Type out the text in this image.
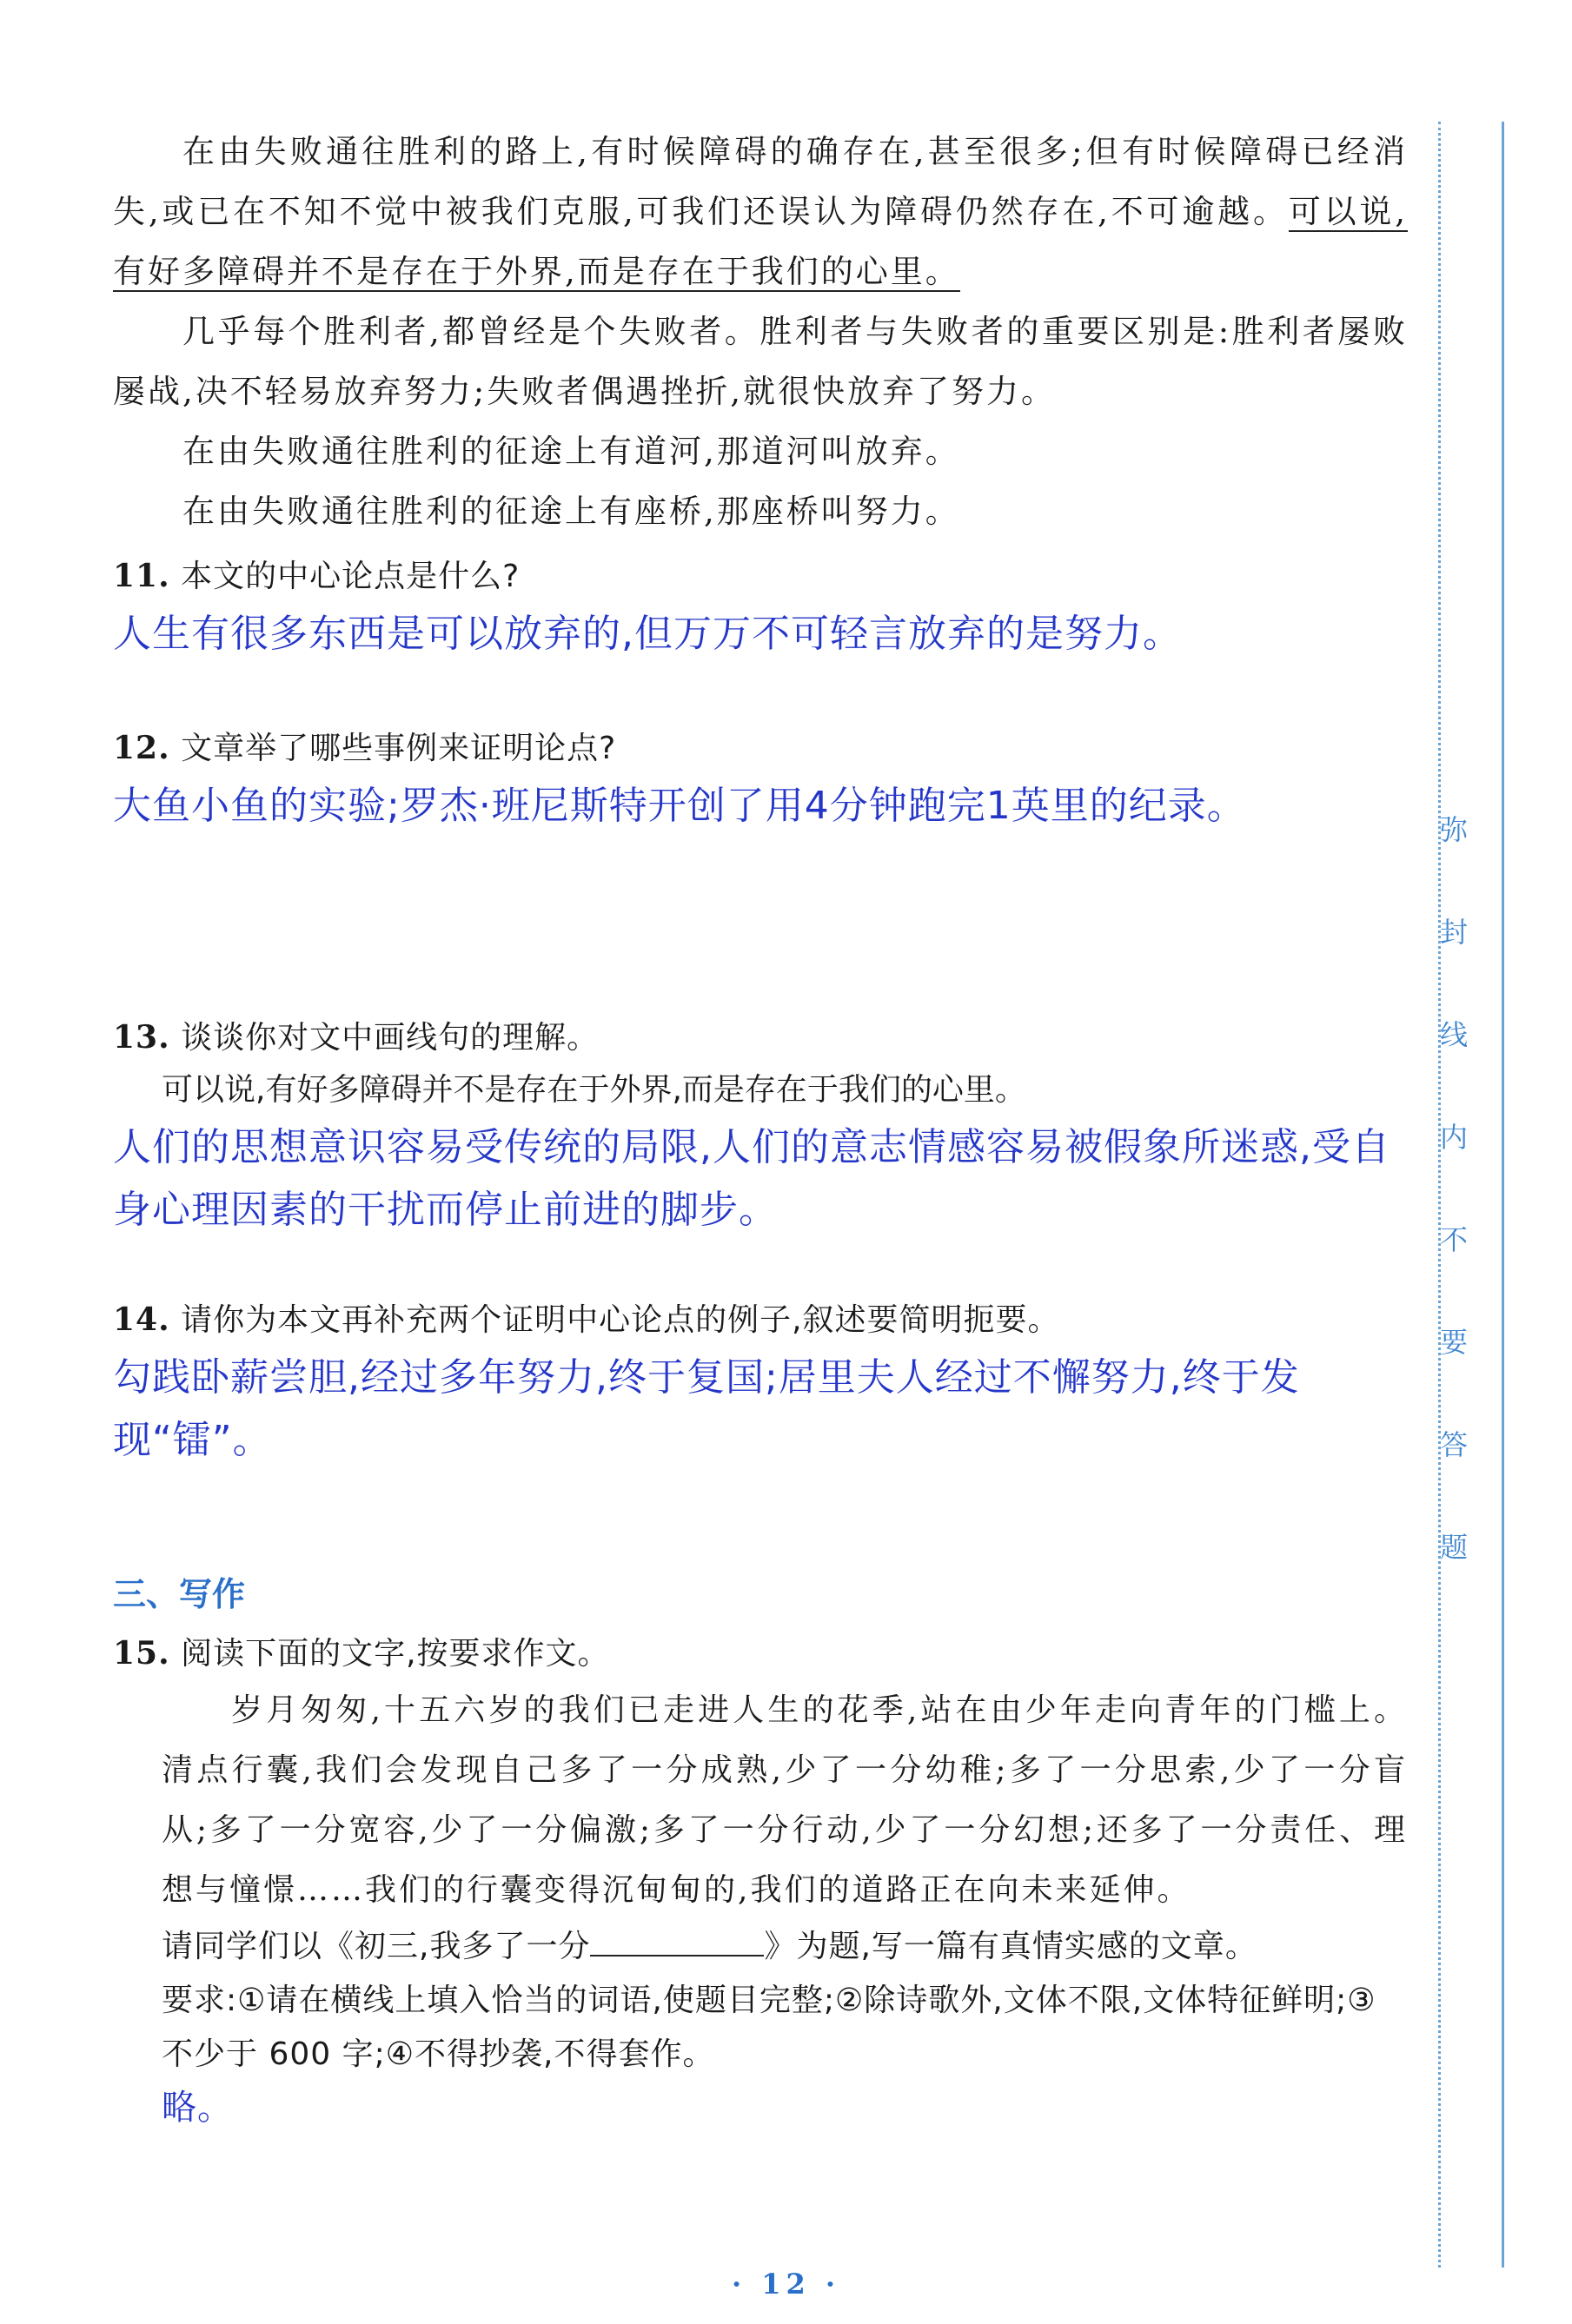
在由失败通往胜利的路上,有时候障碍的确存在,甚至很多;但有时候障碍已经消失,或已在不知不觉中被我们克服,可我们还误认为障碍仍然存在,不可逾越。可以说,有好多障碍并不是存在于外界,而是存在于我们的心里。

几乎每个胜利者,都曾经是个失败者。胜利者与失败者的重要区别是:胜利者屡败屡战,决不轻易放弃努力;失败者偶遇挫折,就很快放弃了努力。

在由失败通往胜利的征途上有道河,那道河叫放弃。

在由失败通往胜利的征途上有座桥,那座桥叫努力。

11. 本文的中心论点是什么?

人生有很多东西是可以放弃的,但万万不可轻言放弃的是努力。

12. 文章举了哪些事例来证明论点?

大鱼小鱼的实验;罗杰·班尼斯特开创了用4分钟跑完1英里的纪录。

13. 谈谈你对文中画线句的理解。

可以说,有好多障碍并不是存在于外界,而是存在于我们的心里。

人们的思想意识容易受传统的局限,人们的意志情感容易被假象所迷惑,受自身心理因素的干扰而停止前进的脚步。

14. 请你为本文再补充两个证明中心论点的例子,叙述要简明扼要。

勾践卧薪尝胆,经过多年努力,终于复国;居里夫人经过不懈努力,终于发现“镭”。

三、写作

15. 阅读下面的文字,按要求作文。

岁月匆匆,十五六岁的我们已走进人生的花季,站在由少年走向青年的门槛上。清点行囊,我们会发现自己多了一分成熟,少了一分幼稚;多了一分思索,少了一分盲从;多了一分宽容,少了一分偏激;多了一分行动,少了一分幻想;还多了一分责任、理想与憧憬……我们的行囊变得沉甸甸的,我们的道路正在向未来延伸。

请同学们以《初三,我多了一分	》为题,写一篇有真情实感的文章。

要求:①请在横线上填入恰当的词语,使题目完整;②除诗歌外,文体不限,文体特征鲜明;③不少于 600 字;④不得抄袭,不得套作。

略。

弥
封
线
内
不
要
答
题
· 12 ·
